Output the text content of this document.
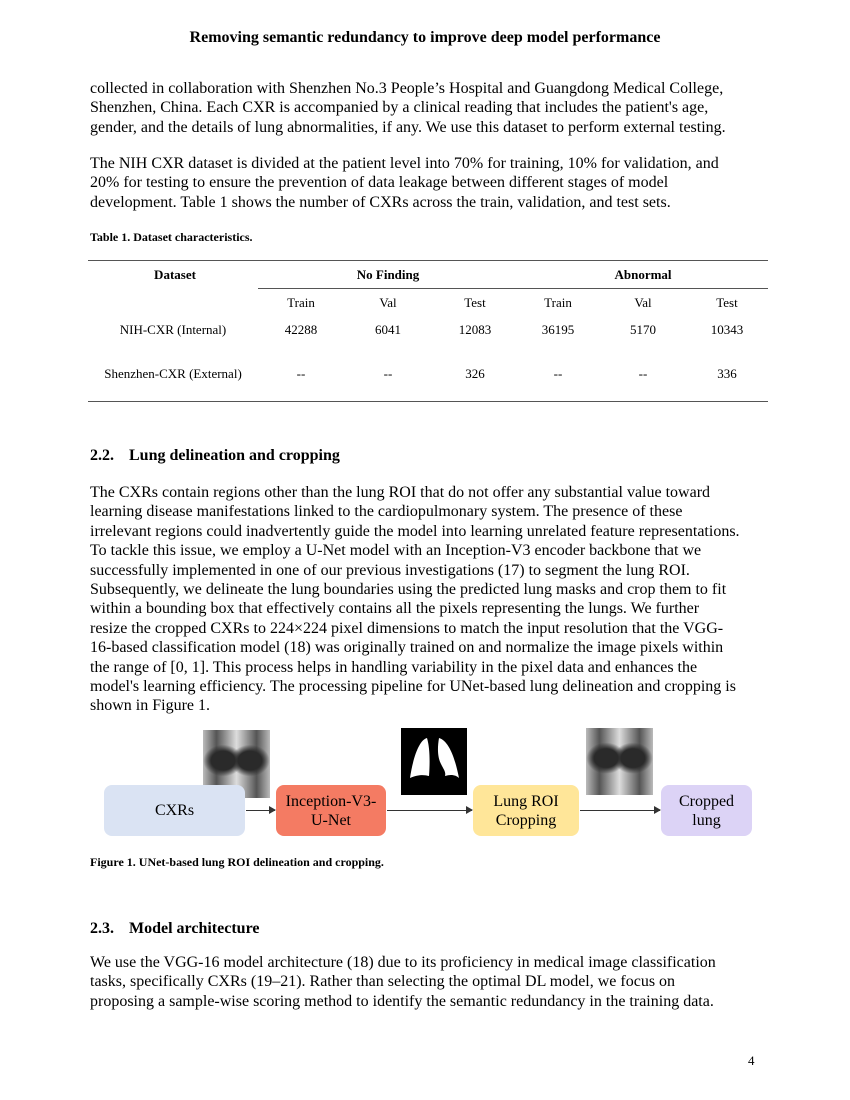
Removing semantic redundancy to improve deep model performance
collected in collaboration with Shenzhen No.3 People’s Hospital and Guangdong Medical College,
Shenzhen, China. Each CXR is accompanied by a clinical reading that includes the patient's age,
gender, and the details of lung abnormalities, if any. We use this dataset to perform external testing.
The NIH CXR dataset is divided at the patient level into 70% for training, 10% for validation, and
20% for testing to ensure the prevention of data leakage between different stages of model
development. Table 1 shows the number of CXRs across the train, validation, and test sets.
Table 1. Dataset characteristics.
Dataset	No Finding	Abnormal
Train	Val	Test	Train	Val	Test
NIH-CXR (Internal)	42288	6041	12083	36195	5170	10343
Shenzhen-CXR (External)	--	--	326	--	--	336
2.2. Lung delineation and cropping
The CXRs contain regions other than the lung ROI that do not offer any substantial value toward
learning disease manifestations linked to the cardiopulmonary system. The presence of these
irrelevant regions could inadvertently guide the model into learning unrelated feature representations.
To tackle this issue, we employ a U-Net model with an Inception-V3 encoder backbone that we
successfully implemented in one of our previous investigations (17) to segment the lung ROI.
Subsequently, we delineate the lung boundaries using the predicted lung masks and crop them to fit
within a bounding box that effectively contains all the pixels representing the lungs. We further
resize the cropped CXRs to 224×224 pixel dimensions to match the input resolution that the VGG-
16-based classification model (18) was originally trained on and normalize the image pixels within
the range of [0, 1]. This process helps in handling variability in the pixel data and enhances the
model's learning efficiency. The processing pipeline for UNet-based lung delineation and cropping is
shown in Figure 1.
CXRs
Inception-V3-
U-Net
Lung ROI
Cropping
Cropped
lung
Figure 1. UNet-based lung ROI delineation and cropping.
2.3. Model architecture
We use the VGG-16 model architecture (18) due to its proficiency in medical image classification
tasks, specifically CXRs (19–21). Rather than selecting the optimal DL model, we focus on
proposing a sample-wise scoring method to identify the semantic redundancy in the training data.
4
